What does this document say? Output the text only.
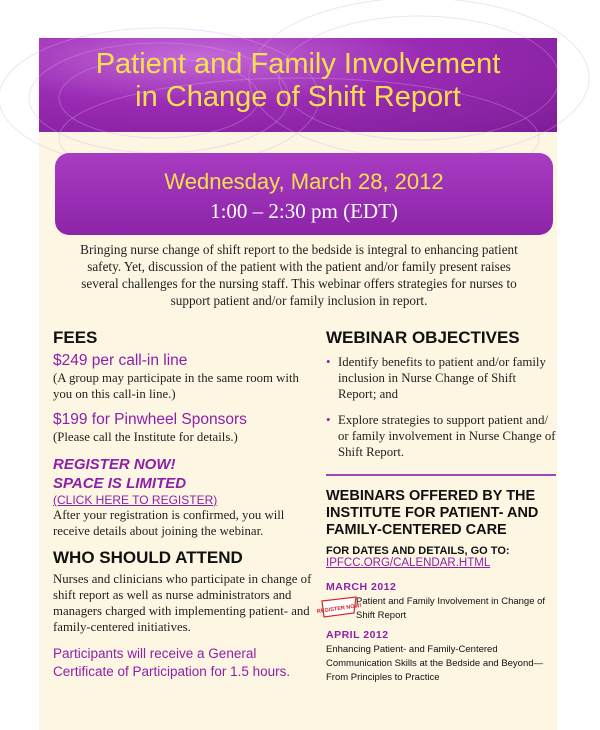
Patient and Family Involvement
in Change of Shift Report
Wednesday, March 28, 2012
1:00 – 2:30 pm (EDT)
Bringing nurse change of shift report to the bedside is integral to enhancing patient safety. Yet, discussion of the patient with the patient and/or family present raises several challenges for the nursing staff. This webinar offers strategies for nurses to support patient and/or family inclusion in report.
FEES
$249 per call-in line
(A group may participate in the same room with you on this call-in line.)
$199 for Pinwheel Sponsors
(Please call the Institute for details.)
REGISTER NOW!
SPACE IS LIMITED
(CLICK HERE TO REGISTER)
After your registration is confirmed, you will receive details about joining the webinar.
WHO SHOULD ATTEND
Nurses and clinicians who participate in change of shift report as well as nurse administrators and managers charged with implementing patient- and family-centered initiatives.
Participants will receive a General Certificate of Participation for 1.5 hours.
WEBINAR OBJECTIVES
• Identify benefits to patient and/or family inclusion in Nurse Change of Shift Report; and
• Explore strategies to support patient and/ or family involvement in Nurse Change of Shift Report.
WEBINARS OFFERED BY THE INSTITUTE FOR PATIENT- AND FAMILY-CENTERED CARE
FOR DATES AND DETAILS, GO TO:
IPFCC.ORG/CALENDAR.HTML
MARCH 2012
REGISTER NOW!
Patient and Family Involvement in Change of Shift Report
APRIL 2012
Enhancing Patient- and Family-Centered Communication Skills at the Bedside and Beyond—From Principles to Practice
